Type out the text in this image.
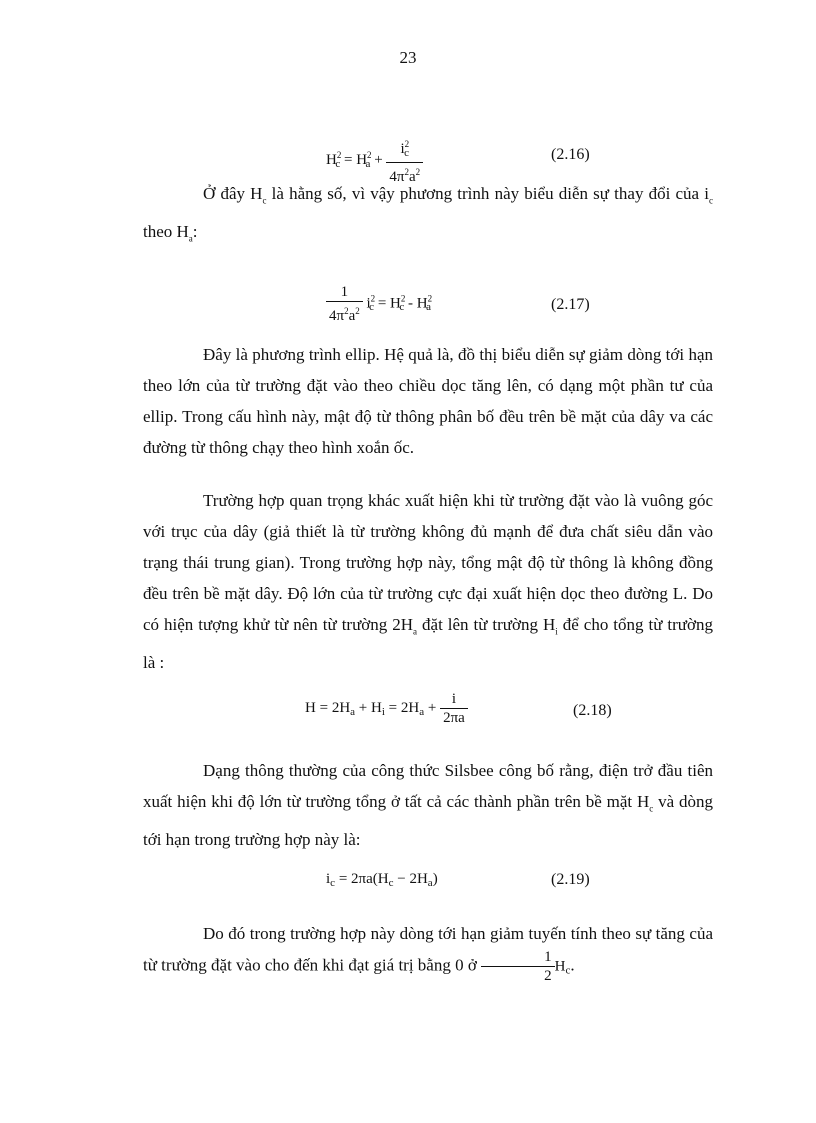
23
$H^2_c = H^2_a + \frac{i^2_c}{4\pi^2a^2}$	(2.16)
Ở đây $H_c$ là hằng số, vì vậy phương trình này biểu diễn sự thay đổi của $i_c$ theo $H_a$:
$\frac{1}{4\pi^2a^2} i^2_c = H^2_c - H^2_a$	(2.17)
Đây là phương trình ellip. Hệ quả là, đồ thị biểu diễn sự giảm dòng tới hạn theo lớn của từ trường đặt vào theo chiều dọc tăng lên, có dạng một phần tư của ellip. Trong cấu hình này, mật độ từ thông phân bố đều trên bề mặt của dây va các đường từ thông chạy theo hình xoắn ốc.
Trường hợp quan trọng khác xuất hiện khi từ trường đặt vào là vuông góc với trục của dây (giả thiết là từ trường không đủ mạnh để đưa chất siêu dẫn vào trạng thái trung gian). Trong trường hợp này, tổng mật độ từ thông là không đồng đều trên bề mặt dây. Độ lớn của từ trường cực đại xuất hiện dọc theo đường L. Do có hiện tượng khử từ nên từ trường $2H_a$ đặt lên từ trường $H_i$ để cho tổng từ trường là :
$H = 2H_a + H_i = 2H_a + \frac{i}{2\pi a}$	(2.18)
Dạng thông thường của công thức Silsbee công bố rằng, điện trở đầu tiên xuất hiện khi độ lớn từ trường tổng ở tất cả các thành phần trên bề mặt $H_c$ và dòng tới hạn trong trường hợp này là:
$i_c = 2\pi a(H_c - 2H_a)$	(2.19)
Do đó trong trường hợp này dòng tới hạn giảm tuyến tính theo sự tăng của từ trường đặt vào cho đến khi đạt giá trị bằng 0 ở $\frac{1}{2} H_c$.
